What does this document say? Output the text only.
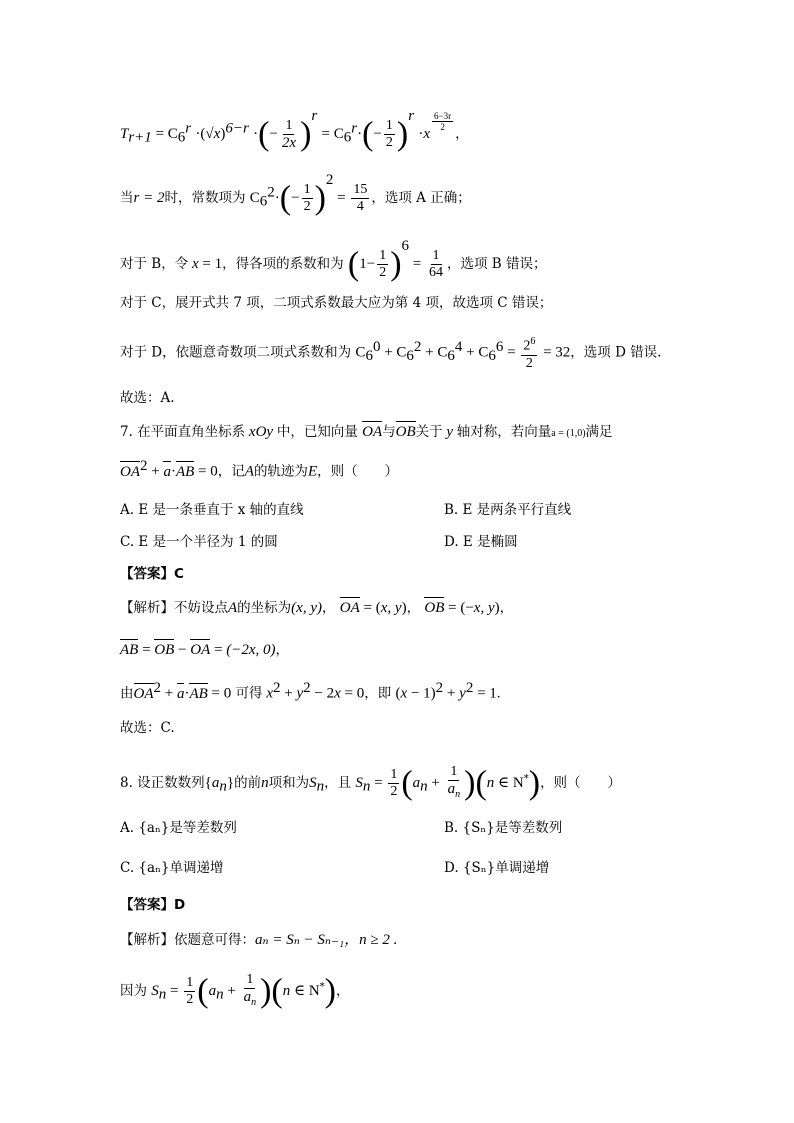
$T_{r+1} = C_6^r \cdot(√x)^{6-r}$ ·(− $\frac{1}{2x} )^r = C_6^r\cdot(- \frac{1}{2} )^r \cdot x$
$^{\frac{6-3r}{2}}$
，
当r = 2时，常数项为 $C_6^2\cdot(- \frac{1}{2} )^2 = \frac{15}{4}$ ，选项 A 正确；
对于 B，令 x = 1，得各项的系数和为 $(1- \frac{1}{2} )^6 = \frac{1}{64}$ ，选项 B 错误；
对于 C，展开式共 7 项，二项式系数最大应为第 4 项，故选项 C 错误；
对于 D，依题意奇数项二项式系数和为 $C_6^0 + C_6^2 + C_6^4 + C_6^6 = \frac{2^6}{2} = 32$，选项 D 错误.
故选：A.
7. 在平面直角坐标系 xOy 中，已知向量 OA与OB关于 y 轴对称，若向量a = (1,0)满足
$OA^2 + a\cdot AB = 0$，记A的轨迹为E，则（　　）
A. E 是一条垂直于 x 轴的直线	B. E 是两条平行直线
C. E 是一个半径为 1 的圆	D. E 是椭圆
【答案】C
【解析】不妨设点A的坐标为(x, y)， OA = (x, y)， OB = (−x, y)，
AB = OB − OA = (−2x, 0)，
由$OA^2 + a\cdot AB = 0$ 可得 $x^2 + y^2 - 2x = 0$，即 $(x - 1)^2 + y^2 = 1$.
故选：C.
8. 设正数数列$\{a_n\}$的前n项和为$S_n$，且 $S_n = \frac{1}{2} (a_n + \frac{1}{a_n} )(n$ ∈ N*)，则（　　）
A. {aₙ}是等差数列	B. {Sₙ}是等差数列
C. {aₙ}单调递增	D. {Sₙ}单调递增
【答案】D
【解析】依题意可得：aₙ = Sₙ − Sₙ₋₁，n ≥ 2 .
因为 $S_n = \frac{1}{2} (a_n + \frac{1}{a_n} )(n$ ∈ N*)，
